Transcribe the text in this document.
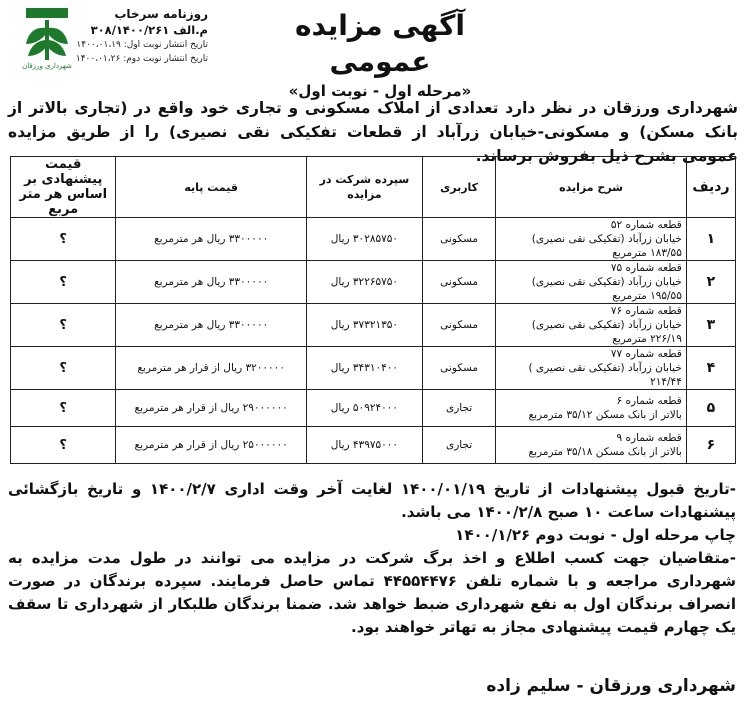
شهرداری ورزقان
آگهی مزایده عمومی
«مرحله اول - نوبت اول»
روزنامه سرخاب
م.الف ۳۰۸/۱۴۰۰/۲۶۱
تاریخ انتشار نوبت اول: ۱۴۰۰،۰۱،۱۹
تاریخ انتشار نوبت دوم: ۱۴۰۰،۰۱،۲۶
شهرداری ورزقان در نظر دارد تعدادی از املاک مسکونی و تجاری خود واقع در (تجاری بالاتر از بانک مسکن) و مسکونی-خیابان زرآباد از قطعات تفکیکی نقی نصیری) را از طریق مزایده عمومی بشرح ذیل بفروش برساند.
ردیف	شرح مزایده	کاربری	سپرده شرکت در مزایده	قیمت پایه	قیمت پیشنهادی بر اساس هر متر مربع
۱	قطعه شماره ۵۲
خیابان زرآباد (تفکیکی نقی نصیری) ۱۸۳/۵۵ مترمربع	مسکونی	۳۰۲۸۵۷۵۰ ریال	۳۳۰۰۰۰۰ ریال هر مترمربع	؟
۲	قطعه شماره ۷۵
خیابان زرآباد (تفکیکی نقی نصیری) ۱۹۵/۵۵ مترمربع	مسکونی	۳۲۲۶۵۷۵۰ ریال	۳۳۰۰۰۰۰ ریال هر مترمربع	؟
۳	قطعه شماره ۷۶
خیابان زرآباد (تفکیکی نقی نصیری) ۲۲۶/۱۹ مترمربع	مسکونی	۳۷۳۲۱۳۵۰ ریال	۳۳۰۰۰۰۰ ریال هر مترمربع	؟
۴	قطعه شماره ۷۷
خیابان زرآباد (تفکیکی نقی نصیری ) ۲۱۴/۴۴	مسکونی	۳۴۳۱۰۴۰۰ ریال	۳۲۰۰۰۰۰ ریال از قرار هر مترمربع	؟
۵	قطعه شماره ۶
بالاتر از بانک مسکن ۳۵/۱۲ مترمربع	تجاری	۵۰۹۲۴۰۰۰ ریال	۲۹۰۰۰۰۰۰ ریال از قرار هر مترمربع	؟
۶	قطعه شماره ۹
بالاتر از بانک مسکن ۳۵/۱۸ مترمربع	تجاری	۴۳۹۷۵۰۰۰ ریال	۲۵۰۰۰۰۰۰ ریال از قرار هر مترمربع	؟

-تاریخ قبول پیشنهادات از تاریخ ۱۴۰۰/۰۱/۱۹ لغایت آخر وقت اداری ۱۴۰۰/۲/۷ و تاریخ بازگشائی پیشنهادات ساعت ۱۰ صبح ۱۴۰۰/۲/۸ می باشد.

چاپ مرحله اول - نوبت دوم ۱۴۰۰/۱/۲۶

-متقاضیان جهت کسب اطلاع و اخذ برگ شرکت در مزایده می توانند در طول مدت مزایده به شهرداری مراجعه و با شماره تلفن ۴۴۵۵۴۴۷۶ تماس حاصل فرمایند. سپرده برندگان در صورت انصراف برندگان اول به نفع شهرداری ضبط خواهد شد. ضمنا برندگان طلبکار از شهرداری تا سقف یک چهارم قیمت پیشنهادی مجاز به تهاتر خواهند بود.

شهرداری ورزقان - سلیم زاده
